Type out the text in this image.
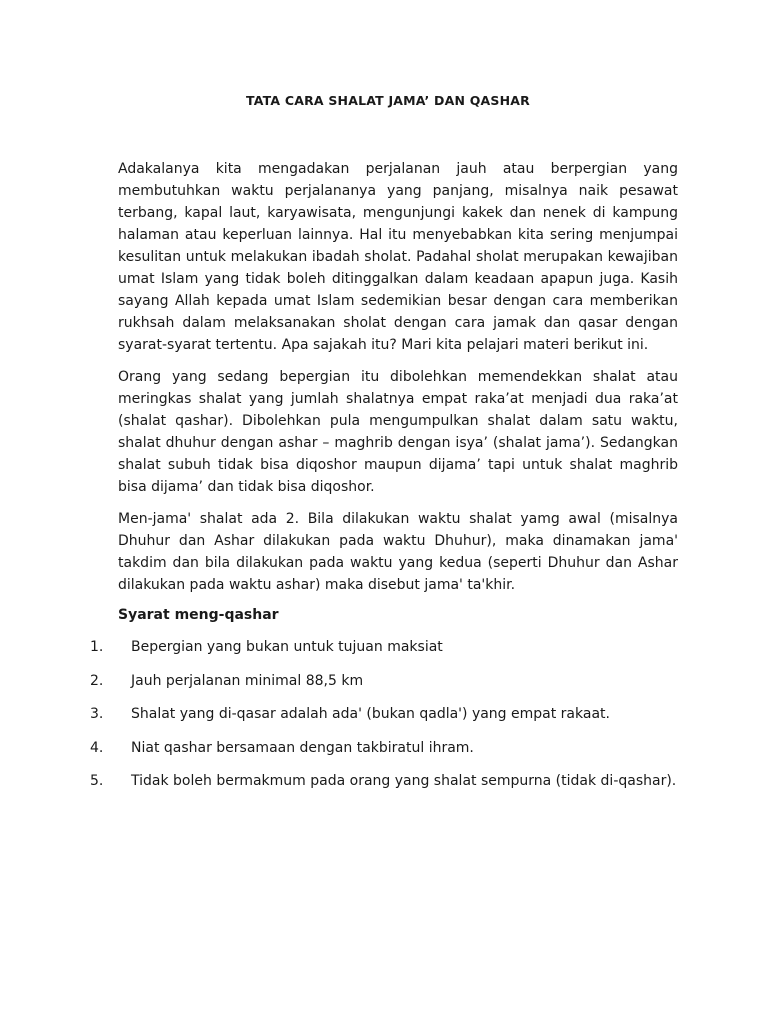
TATA CARA SHALAT JAMA’ DAN QASHAR

Adakalanya kita mengadakan perjalanan jauh atau berpergian yang membutuhkan waktu perjalananya yang panjang, misalnya naik pesawat terbang, kapal laut, karyawisata, mengunjungi kakek dan nenek di kampung halaman atau keperluan lainnya. Hal itu menyebabkan kita sering menjumpai kesulitan untuk melakukan ibadah sholat. Padahal sholat merupakan kewajiban umat Islam yang tidak boleh ditinggalkan dalam keadaan apapun juga. Kasih sayang Allah kepada umat Islam sedemikian besar dengan cara memberikan rukhsah dalam melaksanakan sholat dengan cara jamak dan qasar dengan syarat-syarat tertentu. Apa sajakah itu? Mari kita pelajari materi berikut ini.

Orang yang sedang bepergian itu dibolehkan memendekkan shalat atau meringkas shalat yang jumlah shalatnya empat raka’at menjadi dua raka’at (shalat qashar). Dibolehkan pula mengumpulkan shalat dalam satu waktu, shalat dhuhur dengan ashar – maghrib dengan isya’ (shalat jama’). Sedangkan shalat subuh tidak bisa diqoshor maupun dijama’ tapi untuk shalat maghrib bisa dijama’ dan tidak bisa diqoshor.

Men-jama' shalat ada 2. Bila dilakukan waktu shalat yamg awal (misalnya Dhuhur dan Ashar dilakukan pada waktu Dhuhur), maka dinamakan jama' takdim dan bila dilakukan pada waktu yang kedua (seperti Dhuhur dan Ashar dilakukan pada waktu ashar) maka disebut jama' ta'khir.

Syarat meng-qashar
1.	Bepergian yang bukan untuk tujuan maksiat
2.	Jauh perjalanan minimal 88,5 km
3.	Shalat yang di-qasar adalah ada' (bukan qadla') yang empat rakaat.
4.	Niat qashar bersamaan dengan takbiratul ihram.
5.	Tidak boleh bermakmum pada orang yang shalat sempurna (tidak di-qashar).
